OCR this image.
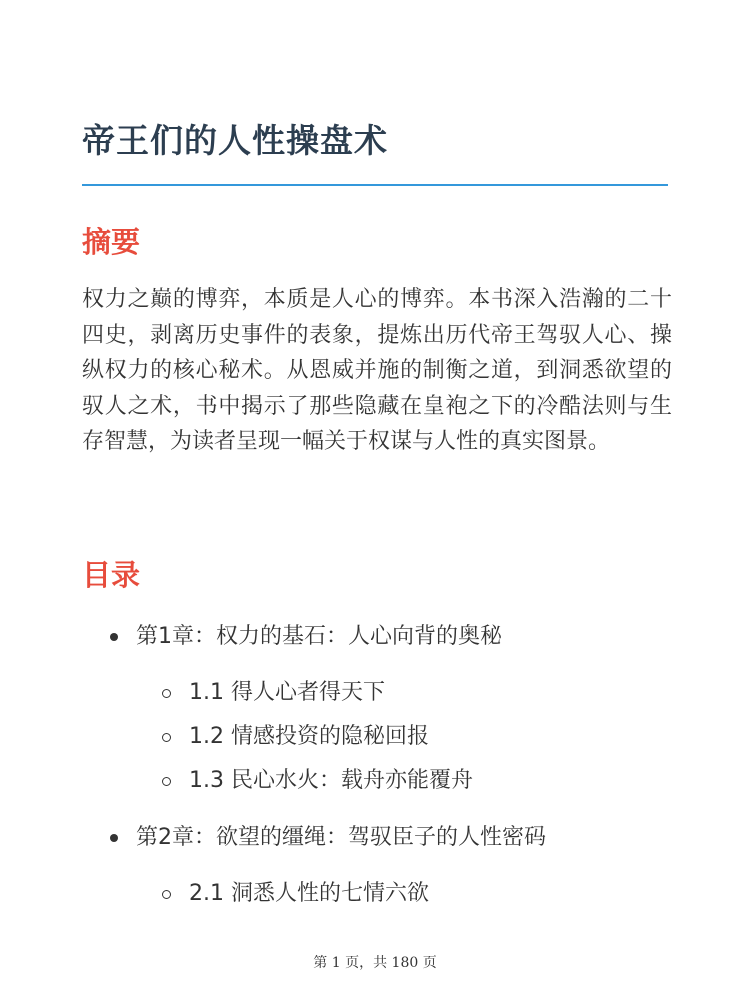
帝王们的人性操盘术
摘要

权力之巅的博弈，本质是人心的博弈。本书深入浩瀚的二十四史，剥离历史事件的表象，提炼出历代帝王驾驭人心、操纵权力的核心秘术。从恩威并施的制衡之道，到洞悉欲望的驭人之术，书中揭示了那些隐藏在皇袍之下的冷酷法则与生存智慧，为读者呈现一幅关于权谋与人性的真实图景。

目录
第1章：权力的基石：人心向背的奥秘
1.1 得人心者得天下
1.2 情感投资的隐秘回报
1.3 民心水火：载舟亦能覆舟
第2章：欲望的缰绳：驾驭臣子的人性密码
2.1 洞悉人性的七情六欲
第 1 页，共 180 页
